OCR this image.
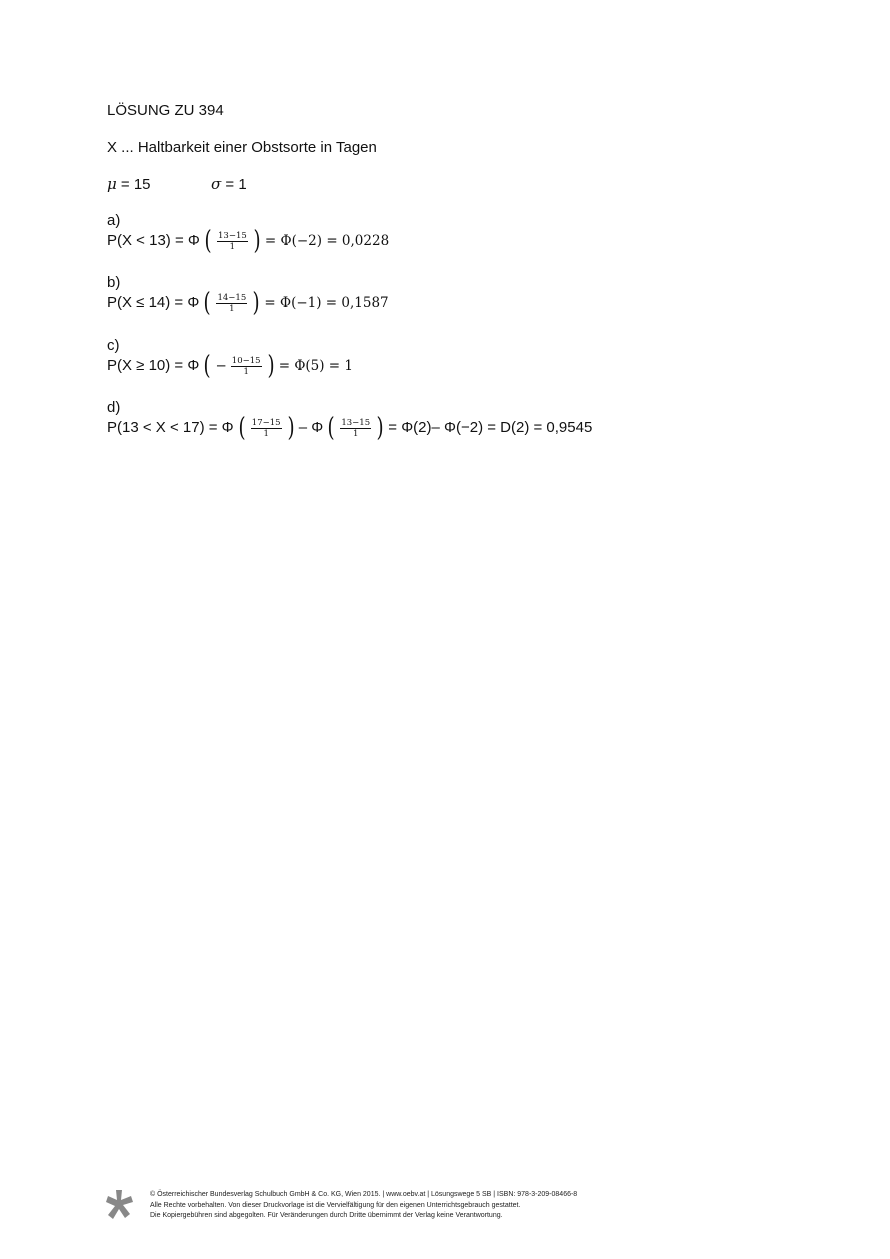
LÖSUNG ZU 394
X ... Haltbarkeit einer Obstsorte in Tagen
μ = 15	σ = 1
a)
P(X < 13) = Φ ( $\frac{13-15}{1}$ ) = Φ(−2) = 0,0228
b)
P(X ≤ 14) = Φ ( $\frac{14-15}{1}$ ) = Φ(−1) = 0,1587
c)
P(X ≥ 10) = Φ ( − $\frac{10-15}{1}$ ) = Φ(5) = 1
d)
P(13 < X < 17) = Φ ( $\frac{17-15}{1}$ ) – Φ ( $\frac{13-15}{1}$ ) = Φ(2)– Φ(−2) = D(2) = 0,9545
© Österreichischer Bundesverlag Schulbuch GmbH & Co. KG, Wien 2015. | www.oebv.at | Lösungswege 5 SB | ISBN: 978-3-209-08466-8
Alle Rechte vorbehalten. Von dieser Druckvorlage ist die Vervielfältigung für den eigenen Unterrichtsgebrauch gestattet.
Die Kopiergebühren sind abgegolten. Für Veränderungen durch Dritte übernimmt der Verlag keine Verantwortung.
